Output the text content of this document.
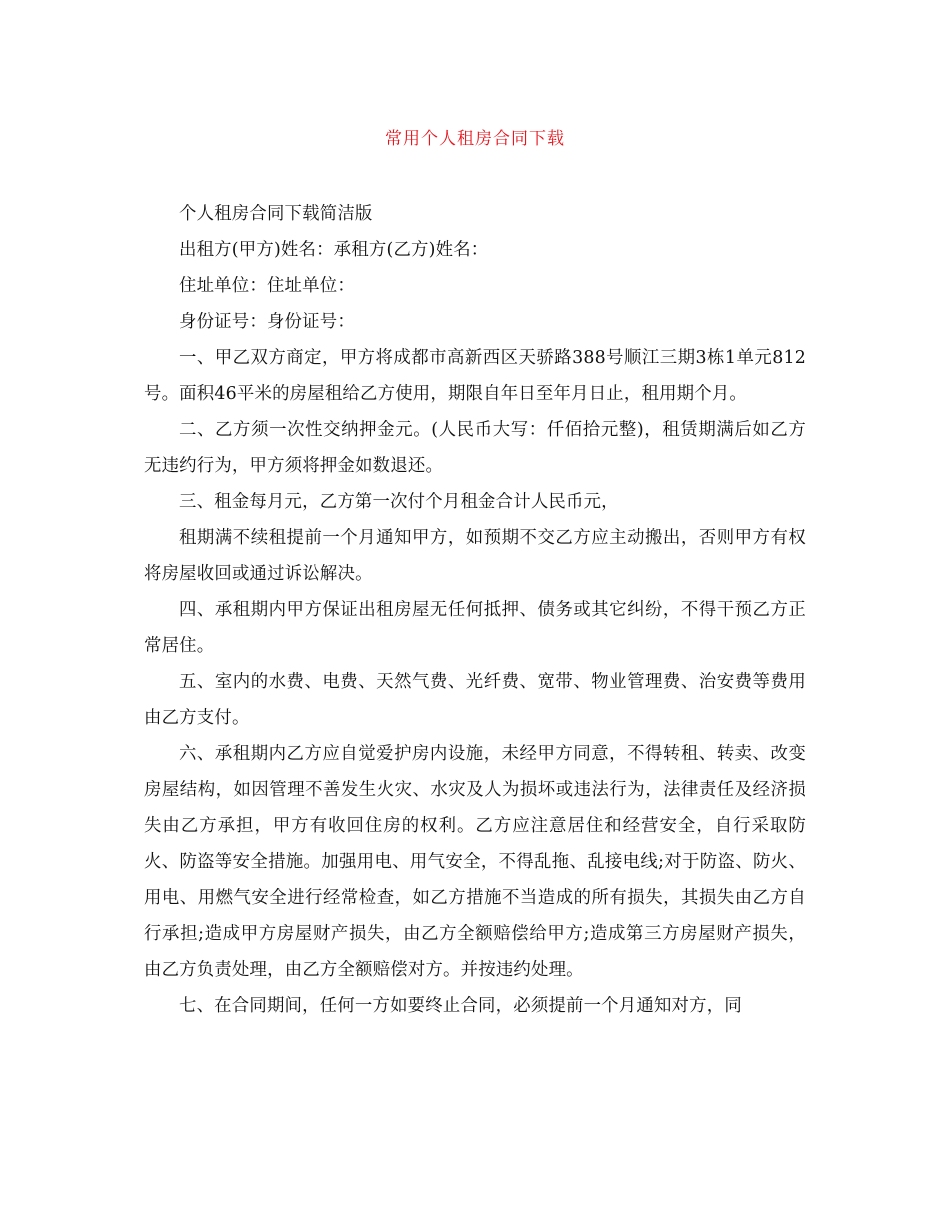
常用个人租房合同下载

个人租房合同下载简洁版

出租方(甲方)姓名：承租方(乙方)姓名：

住址单位：住址单位：

身份证号：身份证号：

一、甲乙双方商定，甲方将成都市高新西区天骄路388号顺江三期3栋1单元812号。面积46平米的房屋租给乙方使用，期限自年日至年月日止，租用期个月。

二、乙方须一次性交纳押金元。(人民币大写：仟佰拾元整)，租赁期满后如乙方无违约行为，甲方须将押金如数退还。

三、租金每月元，乙方第一次付个月租金合计人民币元，

租期满不续租提前一个月通知甲方，如预期不交乙方应主动搬出，否则甲方有权将房屋收回或通过诉讼解决。

四、承租期内甲方保证出租房屋无任何抵押、债务或其它纠纷，不得干预乙方正常居住。

五、室内的水费、电费、天然气费、光纤费、宽带、物业管理费、治安费等费用由乙方支付。

六、承租期内乙方应自觉爱护房内设施，未经甲方同意，不得转租、转卖、改变房屋结构，如因管理不善发生火灾、水灾及人为损坏或违法行为，法律责任及经济损失由乙方承担，甲方有收回住房的权利。乙方应注意居住和经营安全，自行采取防火、防盗等安全措施。加强用电、用气安全，不得乱拖、乱接电线;对于防盗、防火、用电、用燃气安全进行经常检查，如乙方措施不当造成的所有损失，其损失由乙方自行承担;造成甲方房屋财产损失，由乙方全额赔偿给甲方;造成第三方房屋财产损失，由乙方负责处理，由乙方全额赔偿对方。并按违约处理。

七、在合同期间，任何一方如要终止合同，必须提前一个月通知对方，同
